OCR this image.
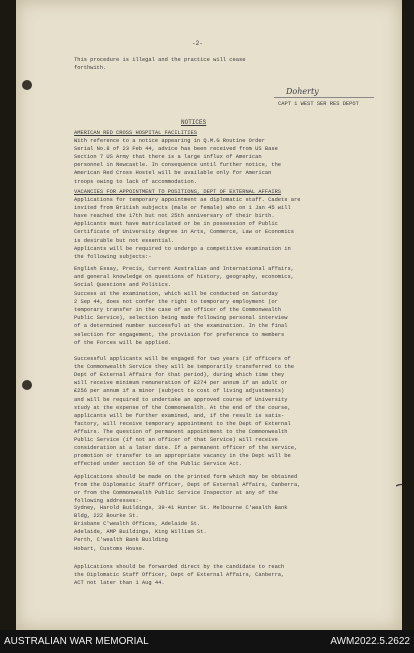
-2-
This procedure is illegal and the practice will cease
forthwith.
Doherty
CAPT 1 WEST SER RES DEPOT
NOTICES
AMERICAN RED CROSS HOSPITAL FACILITIES
With reference to a notice appearing in Q.M.G Routine Order
Serial No.8 of 23 Feb 44, advice has been received from US Base
Section 7 US Army that there is a large influx of American
personnel in Newcastle. In consequence until further notice, the
American Red Cross Hostel will be available only for American
troops owing to lack of accommodation.
VACANCIES FOR APPOINTMENT TO POSITIONS, DEPT OF EXTERNAL AFFAIRS
Applications for temporary appointment as diplomatic staff. Cadets are
invited from British subjects (male or female) who on 1 Jan 45 will
have reached the 17th but not 25th anniversary of their birth.
Applicants must have matriculated or be in possession of Public
Certificate of University degree in Arts, Commerce, Law or Economics
is desirable but not essential.
Applicants will be required to undergo a competitive examination in
the following subjects:-
English Essay, Precis, Current Australian and International affairs,
and general knowledge on questions of history, geography, economics,
Social Questions and Politics.
Success at the examination, which will be conducted on Saturday
2 Sep 44, does not confer the right to temporary employment (or
temporary transfer in the case of an officer of the Commonwealth
Public Service), selection being made following personal interview
of a determined number successful at the examination. In the final
selection for engagement, the provision for preference to members
of the Forces will be applied.
Successful applicants will be engaged for two years (if officers of
the Commonwealth Service they will be temporarily transferred to the
Dept of External Affairs for that period), during which time they
will receive minimum remuneration of £274 per annum if an adult or
£256 per annum if a minor (subject to cost of living adjustments)
and will be required to undertake an approved course of University
study at the expense of the Commonwealth. At the end of the course,
applicants will be further examined, and, if the result is satis-
factory, will receive temporary appointment to the Dept of External
Affairs. The question of permanent appointment to the Commonwealth
Public Service (if not an officer of that Service) will receive
consideration at a later date. If a permanent officer of the service,
promotion or transfer to an appropriate vacancy in the Dept will be
effected under section 50 of the Public Service Act.
Applications should be made on the printed form which may be obtained
from the Diplomatic Staff Officer, Dept of External Affairs, Canberra,
or from the Commonwealth Public Service Inspector at any of the
following addresses:-
Sydney, Harold Buildings, 39-41 Hunter St. Melbourne C'wealth Bank
Bldg, 222 Bourke St.
Brisbane C'wealth Offices, Adelaide St.
Adelaide, AMP Buildings, King William St.
Perth, C'wealth Bank Building
Hobart, Customs House.
Applications should be forwarded direct by the candidate to reach
the Diplomatic Staff Officer, Dept of External Affairs, Canberra,
ACT not later than 1 Aug 44.
AUSTRALIAN WAR MEMORIAL	AWM2022.5.2622
